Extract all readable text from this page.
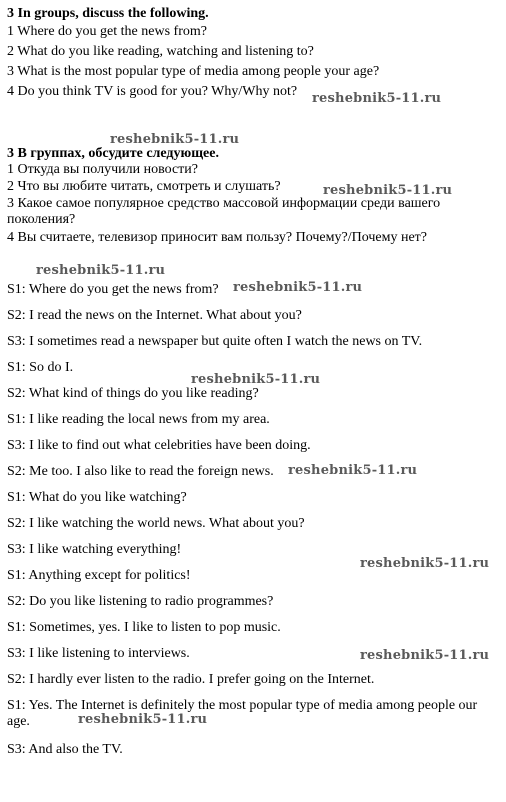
3 In groups, discuss the following.
1 Where do you get the news from?
2 What do you like reading, watching and listening to?
3 What is the most popular type of media among people your age?
4 Do you think TV is good for you? Why/Why not?
3 В группах, обсудите следующее.
1 Откуда вы получили новости?
2 Что вы любите читать, смотреть и слушать?
3 Какое самое популярное средство массовой информации среди вашего поколения?
4 Вы считаете, телевизор приносит вам пользу? Почему?/Почему нет?
S1: Where do you get the news from?
S2: I read the news on the Internet. What about you?
S3: I sometimes read a newspaper but quite often I watch the news on TV.
S1: So do I.
S2: What kind of things do you like reading?
S1: I like reading the local news from my area.
S3: I like to find out what celebrities have been doing.
S2: Me too. I also like to read the foreign news.
S1: What do you like watching?
S2: I like watching the world news. What about you?
S3: I like watching everything!
S1: Anything except for politics!
S2: Do you like listening to radio programmes?
S1: Sometimes, yes. I like to listen to pop music.
S3: I like listening to interviews.
S2: I hardly ever listen to the radio. I prefer going on the Internet.
S1: Yes. The Internet is definitely the most popular type of media among people our age.
S3: And also the TV.
reshebnik5-11.ru
reshebnik5-11.ru
reshebnik5-11.ru
reshebnik5-11.ru
reshebnik5-11.ru
reshebnik5-11.ru
reshebnik5-11.ru
reshebnik5-11.ru
reshebnik5-11.ru
reshebnik5-11.ru
